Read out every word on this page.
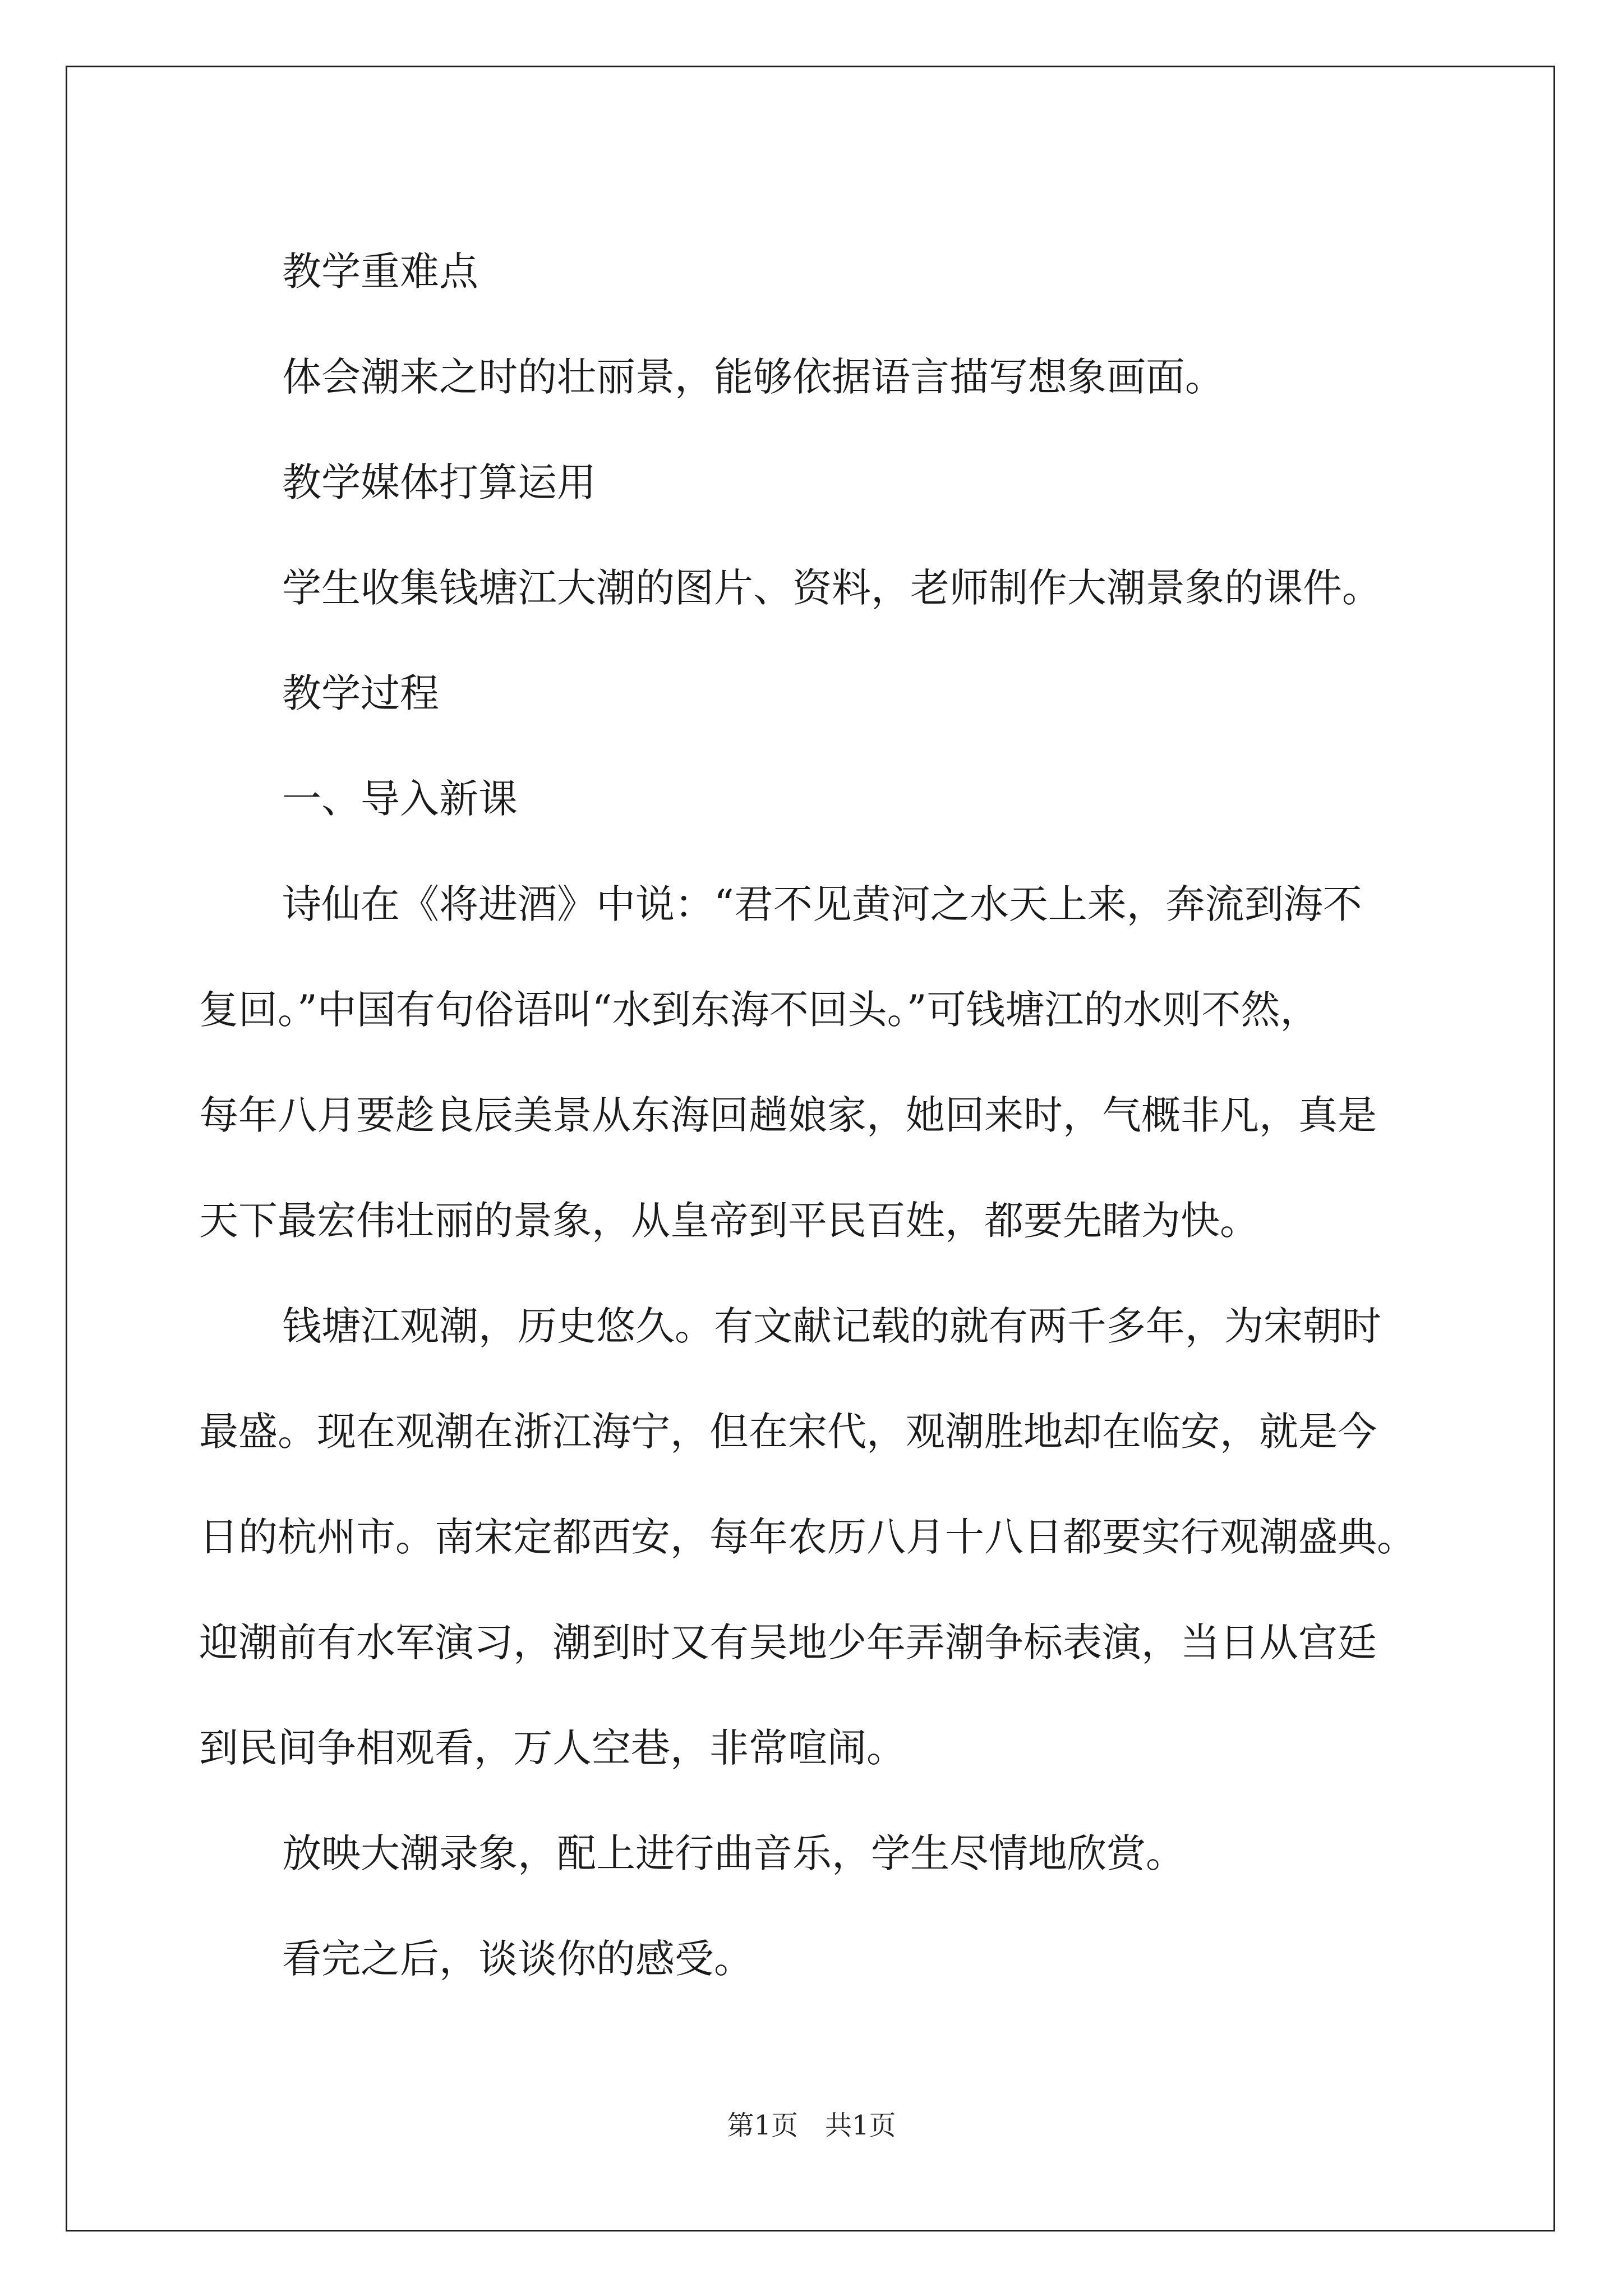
教学重难点

体会潮来之时的壮丽景，能够依据语言描写想象画面。

教学媒体打算运用

学生收集钱塘江大潮的图片、资料，老师制作大潮景象的课件。

教学过程

一、导入新课

诗仙在《将进酒》中说：“君不见黄河之水天上来，奔流到海不
复回。”中国有句俗语叫“水到东海不回头。”可钱塘江的水则不然，
每年八月要趁良辰美景从东海回趟娘家，她回来时，气概非凡，真是
天下最宏伟壮丽的景象，从皇帝到平民百姓，都要先睹为快。

钱塘江观潮，历史悠久。有文献记载的就有两千多年，为宋朝时
最盛。现在观潮在浙江海宁，但在宋代，观潮胜地却在临安，就是今
日的杭州市。南宋定都西安，每年农历八月十八日都要实行观潮盛典。
迎潮前有水军演习，潮到时又有吴地少年弄潮争标表演，当日从宫廷
到民间争相观看，万人空巷，非常喧闹。

放映大潮录象，配上进行曲音乐，学生尽情地欣赏。

看完之后，谈谈你的感受。

第1页　共1页
